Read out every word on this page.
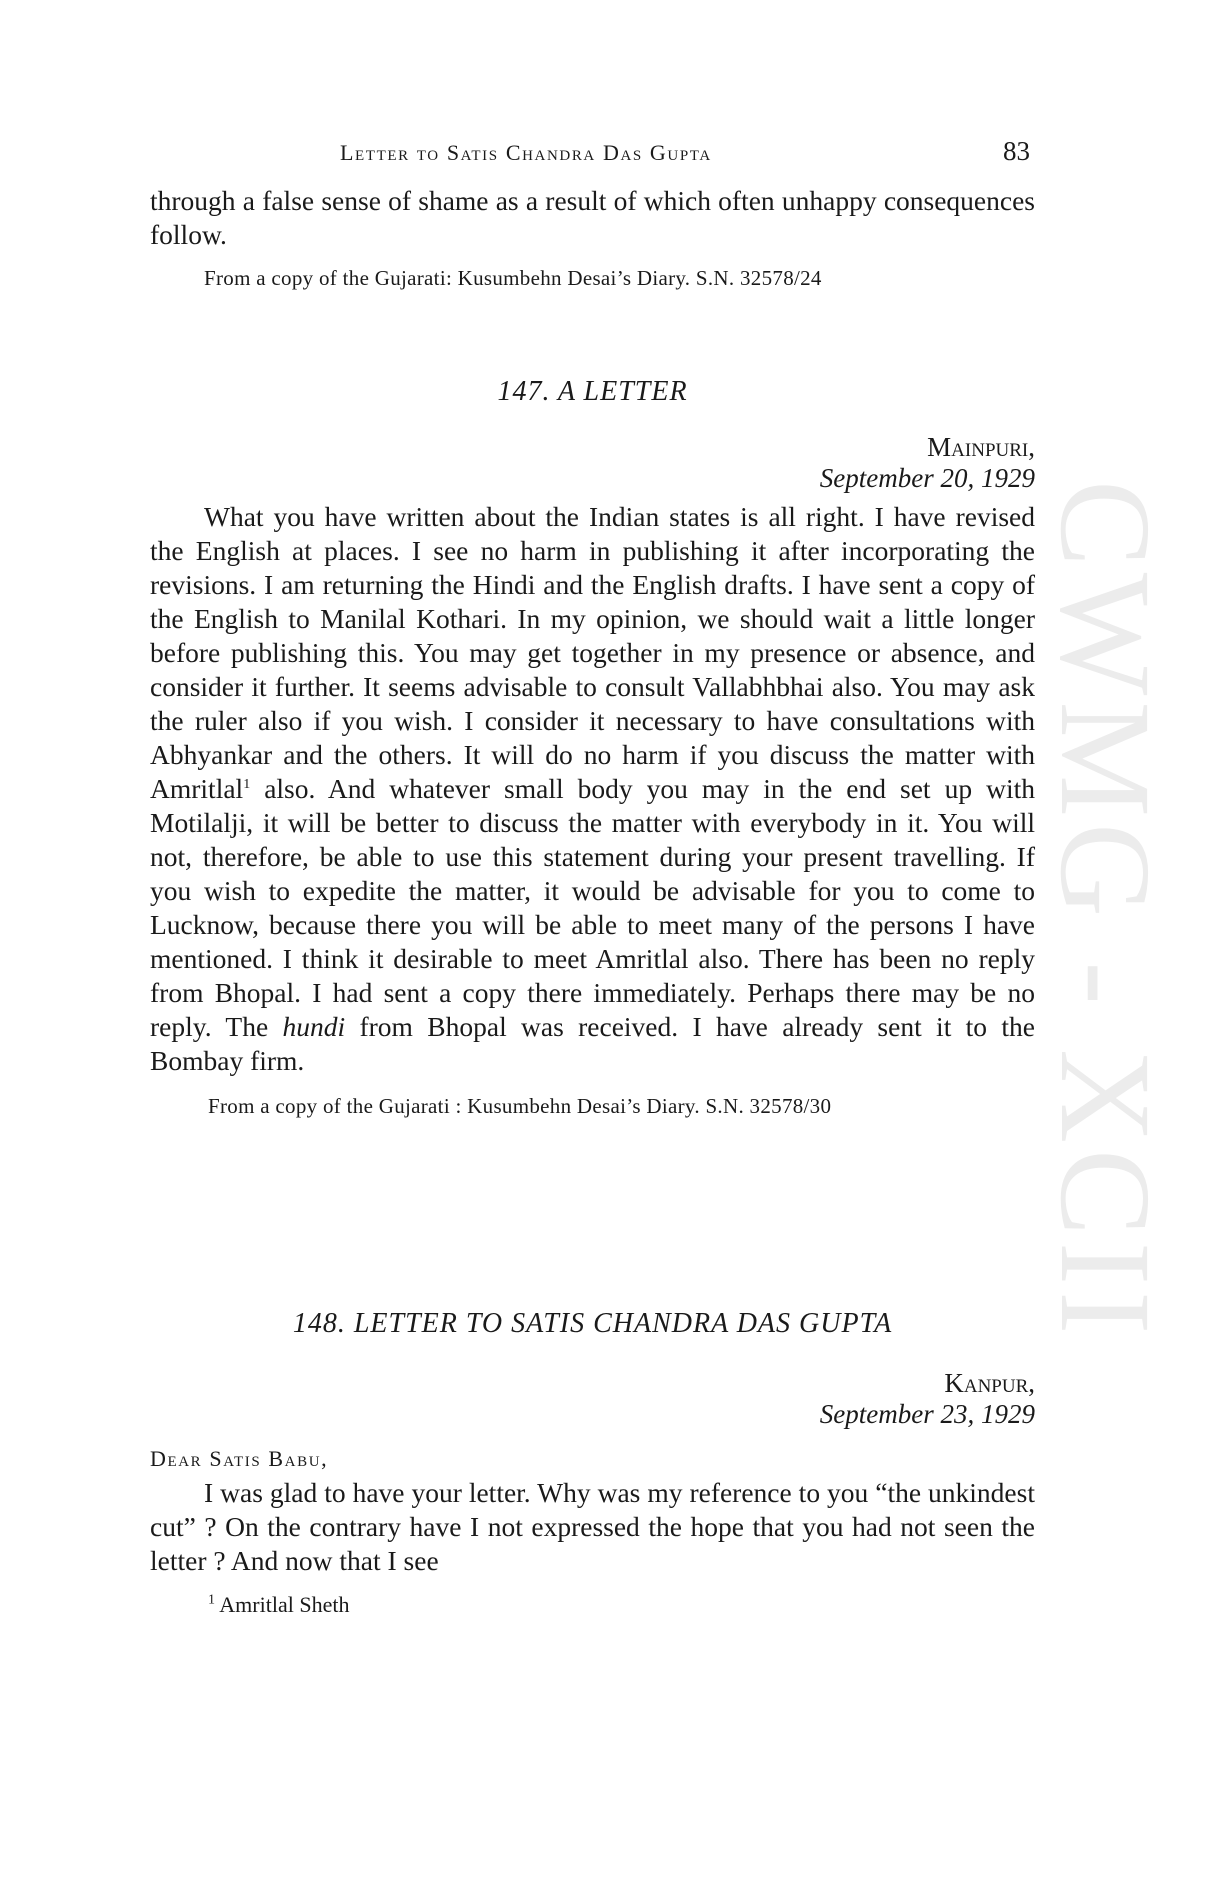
CWMG - XCII
Letter to Satis Chandra Das Gupta	83

through a false sense of shame as a result of which often unhappy consequences follow.

From a copy of the Gujarati: Kusumbehn Desai’s Diary. S.N. 32578/24

147. A LETTER

Mainpuri,

September 20, 1929

What you have written about the Indian states is all right. I have revised the English at places. I see no harm in publishing it after incorporating the revisions. I am returning the Hindi and the English drafts. I have sent a copy of the English to Manilal Kothari. In my opinion, we should wait a little longer before publishing this. You may get together in my presence or absence, and consider it further. It seems advisable to consult Vallabhbhai also. You may ask the ruler also if you wish. I consider it necessary to have consultations with Abhyankar and the others. It will do no harm if you discuss the matter with Amritlal$^1$ also. And whatever small body you may in the end set up with Motilalji, it will be better to discuss the matter with everybody in it. You will not, therefore, be able to use this statement during your present travelling. If you wish to expedite the matter, it would be advisable for you to come to Lucknow, because there you will be able to meet many of the persons I have mentioned. I think it desirable to meet Amritlal also. There has been no reply from Bhopal. I had sent a copy there immediately. Perhaps there may be no reply. The hundi from Bhopal was received. I have already sent it to the Bombay firm.

From a copy of the Gujarati : Kusumbehn Desai’s Diary. S.N. 32578/30

148. LETTER TO SATIS CHANDRA DAS GUPTA

Kanpur,

September 23, 1929

Dear Satis Babu,

I was glad to have your letter. Why was my reference to you “the unkindest cut” ? On the contrary have I not expressed the hope that you had not seen the letter ? And now that I see

$^1$ Amritlal Sheth
